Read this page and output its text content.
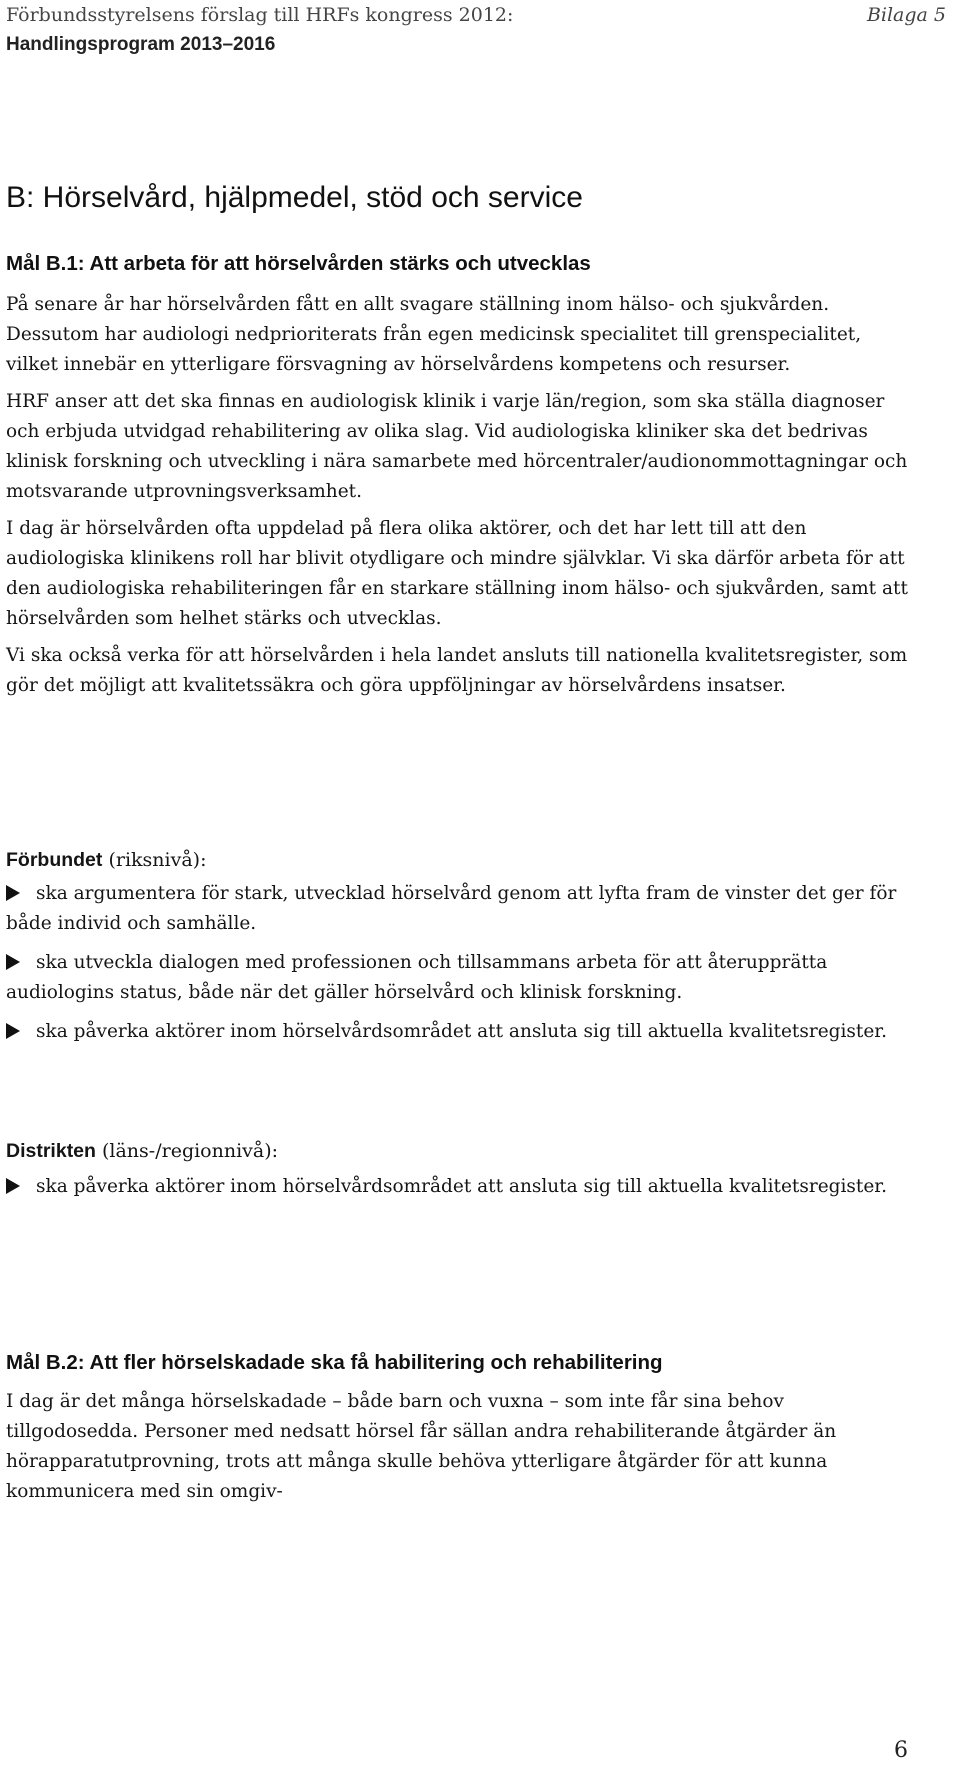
Förbundsstyrelsens förslag till HRFs kongress 2012:	Bilaga 5
Handlingsprogram 2013–2016
B: Hörselvård, hjälpmedel, stöd och service
Mål B.1: Att arbeta för att hörselvården stärks och utvecklas

På senare år har hörselvården fått en allt svagare ställning inom hälso- och sjukvården. Dessutom har audiologi nedprioriterats från egen medicinsk specialitet till grenspecialitet, vilket innebär en ytterligare försvagning av hörselvårdens kompetens och resurser.

HRF anser att det ska finnas en audiologisk klinik i varje län/region, som ska ställa diagnoser och erbjuda utvidgad rehabilitering av olika slag. Vid audiologiska kliniker ska det bedrivas klinisk forskning och utveckling i nära samarbete med hörcentraler/audionommottagningar och motsvarande utprovningsverksamhet.

I dag är hörselvården ofta uppdelad på flera olika aktörer, och det har lett till att den audiologiska klinikens roll har blivit otydligare och mindre självklar. Vi ska därför arbeta för att den audiologiska rehabiliteringen får en starkare ställning inom hälso- och sjukvården, samt att hörselvården som helhet stärks och utvecklas.

Vi ska också verka för att hörselvården i hela landet ansluts till nationella kvalitetsregister, som gör det möjligt att kvalitetssäkra och göra uppföljningar av hörselvårdens insatser.

Förbundet (riksnivå):
ska argumentera för stark, utvecklad hörselvård genom att lyfta fram de vinster det ger för både individ och samhälle.
ska utveckla dialogen med professionen och tillsammans arbeta för att återupprätta audiologins status, både när det gäller hörselvård och klinisk forskning.
ska påverka aktörer inom hörselvårdsområdet att ansluta sig till aktuella kvalitetsregister.
Distrikten (läns-/regionnivå):
ska påverka aktörer inom hörselvårdsområdet att ansluta sig till aktuella kvalitetsregister.
Mål B.2: Att fler hörselskadade ska få habilitering och rehabilitering

I dag är det många hörselskadade – både barn och vuxna – som inte får sina behov tillgodosedda. Personer med nedsatt hörsel får sällan andra rehabiliterande åtgärder än hörapparatutprovning, trots att många skulle behöva ytterligare åtgärder för att kunna kommunicera med sin omgiv-

6
